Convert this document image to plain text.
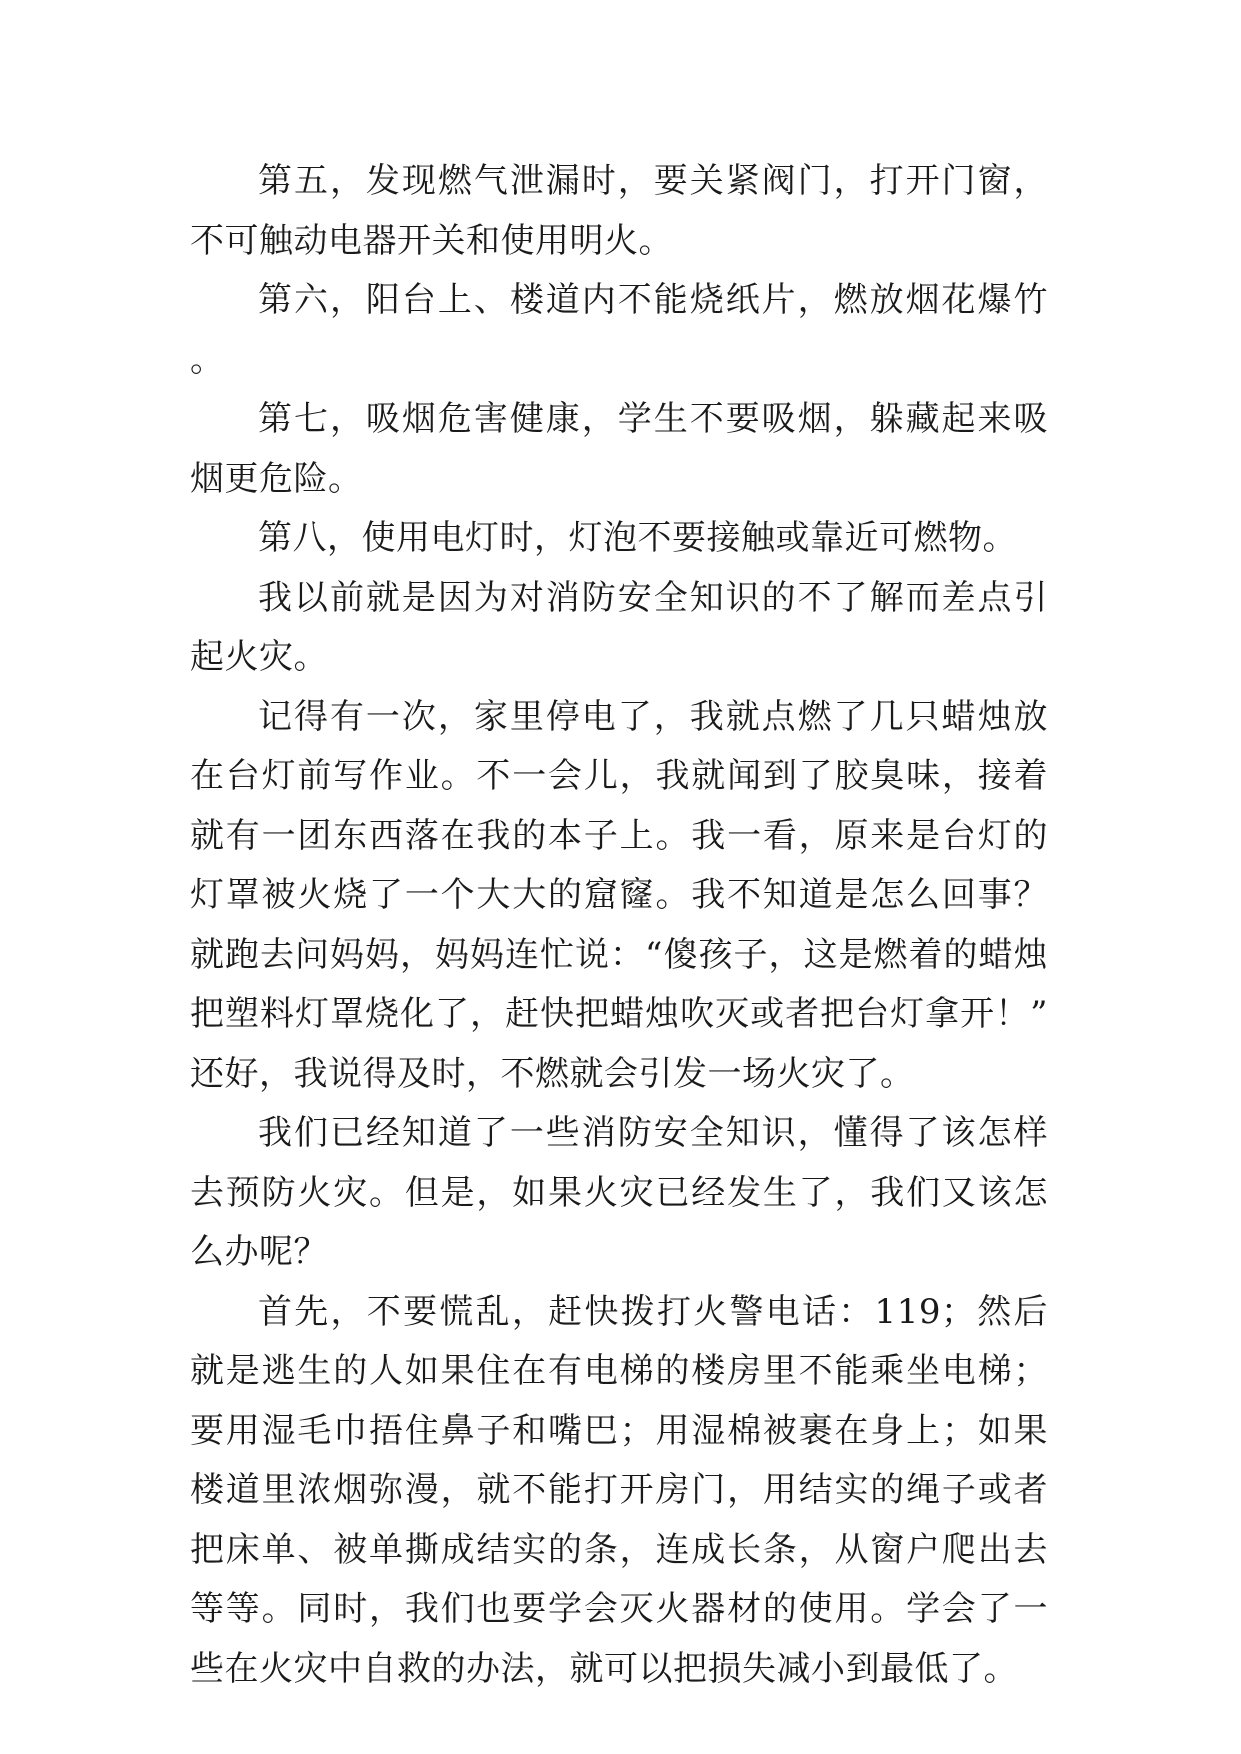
第五，发现燃气泄漏时，要关紧阀门，打开门窗，不可触动电器开关和使用明火。

第六，阳台上、楼道内不能烧纸片，燃放烟花爆竹。

第七，吸烟危害健康，学生不要吸烟，躲藏起来吸烟更危险。

第八，使用电灯时，灯泡不要接触或靠近可燃物。

我以前就是因为对消防安全知识的不了解而差点引起火灾。

记得有一次，家里停电了，我就点燃了几只蜡烛放在台灯前写作业。不一会儿，我就闻到了胶臭味，接着就有一团东西落在我的本子上。我一看，原来是台灯的灯罩被火烧了一个大大的窟窿。我不知道是怎么回事？就跑去问妈妈，妈妈连忙说：“傻孩子，这是燃着的蜡烛把塑料灯罩烧化了，赶快把蜡烛吹灭或者把台灯拿开！”还好，我说得及时，不燃就会引发一场火灾了。

我们已经知道了一些消防安全知识，懂得了该怎样去预防火灾。但是，如果火灾已经发生了，我们又该怎么办呢？

首先，不要慌乱，赶快拨打火警电话：119；然后就是逃生的人如果住在有电梯的楼房里不能乘坐电梯；要用湿毛巾捂住鼻子和嘴巴；用湿棉被裹在身上；如果楼道里浓烟弥漫，就不能打开房门，用结实的绳子或者把床单、被单撕成结实的条，连成长条，从窗户爬出去等等。同时，我们也要学会灭火器材的使用。学会了一些在火灾中自救的办法，就可以把损失减小到最低了。
